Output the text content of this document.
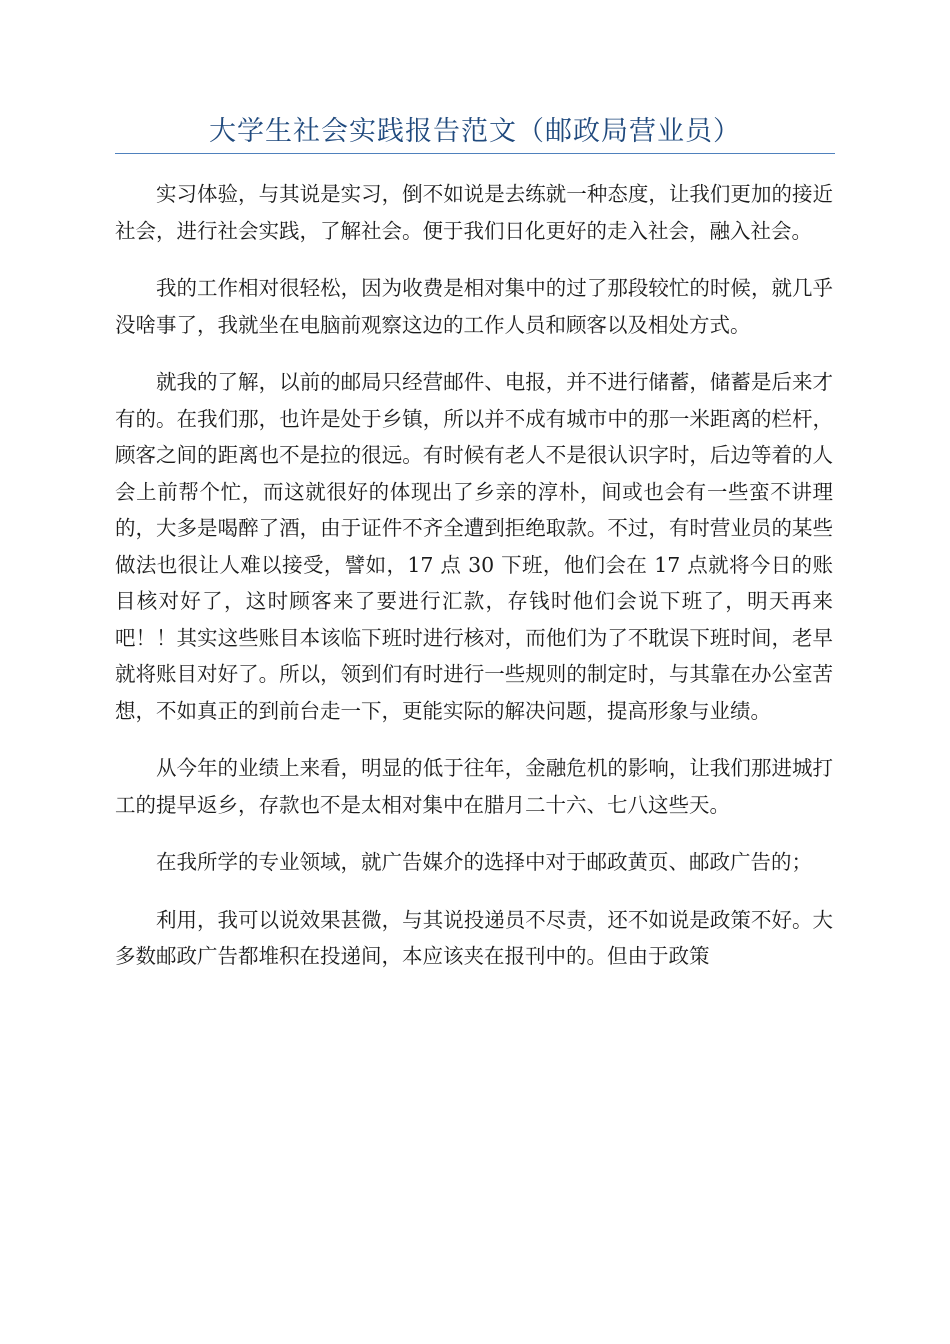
大学生社会实践报告范文（邮政局营业员）

实习体验，与其说是实习，倒不如说是去练就一种态度，让我们更加的接近社会，进行社会实践，了解社会。便于我们日化更好的走入社会，融入社会。

我的工作相对很轻松，因为收费是相对集中的过了那段较忙的时候，就几乎没啥事了，我就坐在电脑前观察这边的工作人员和顾客以及相处方式。

就我的了解，以前的邮局只经营邮件、电报，并不进行储蓄，储蓄是后来才有的。在我们那，也许是处于乡镇，所以并不成有城市中的那一米距离的栏杆，顾客之间的距离也不是拉的很远。有时候有老人不是很认识字时，后边等着的人会上前帮个忙，而这就很好的体现出了乡亲的淳朴，间或也会有一些蛮不讲理的，大多是喝醉了酒，由于证件不齐全遭到拒绝取款。不过，有时营业员的某些做法也很让人难以接受，譬如，17 点 30 下班，他们会在 17 点就将今日的账目核对好了，这时顾客来了要进行汇款，存钱时他们会说下班了，明天再来吧！！其实这些账目本该临下班时进行核对，而他们为了不耽误下班时间，老早就将账目对好了。所以，领到们有时进行一些规则的制定时，与其靠在办公室苦想，不如真正的到前台走一下，更能实际的解决问题，提高形象与业绩。

从今年的业绩上来看，明显的低于往年，金融危机的影响，让我们那进城打工的提早返乡，存款也不是太相对集中在腊月二十六、七八这些天。

在我所学的专业领域，就广告媒介的选择中对于邮政黄页、邮政广告的；

利用，我可以说效果甚微，与其说投递员不尽责，还不如说是政策不好。大多数邮政广告都堆积在投递间，本应该夹在报刊中的。但由于政策
